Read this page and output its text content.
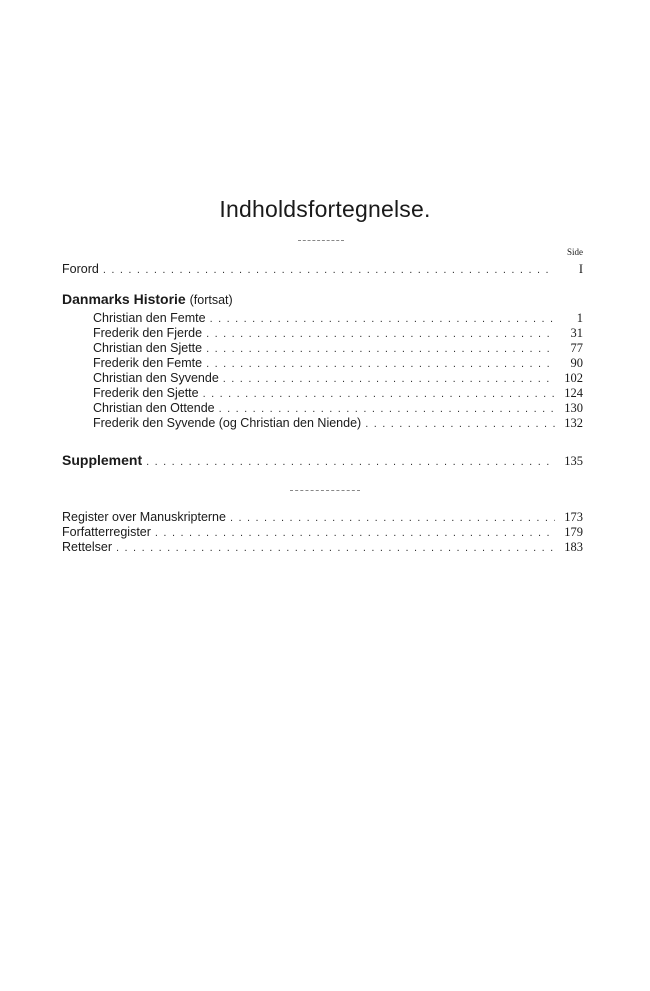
Indholdsfortegnelse.
Side
Forord . . .	I
Danmarks Historie (fortsat)
Christian den Femte . . .	1
Frederik den Fjerde . . .	31
Christian den Sjette . . .	77
Frederik den Femte . . .	90
Christian den Syvende . . .	102
Frederik den Sjette . . .	124
Christian den Ottende . . .	130
Frederik den Syvende (og Christian den Niende) . . .	132
Supplement . . .	135
Register over Manuskripterne . . .	173
Forfatterregister . . .	179
Rettelser . . .	183
